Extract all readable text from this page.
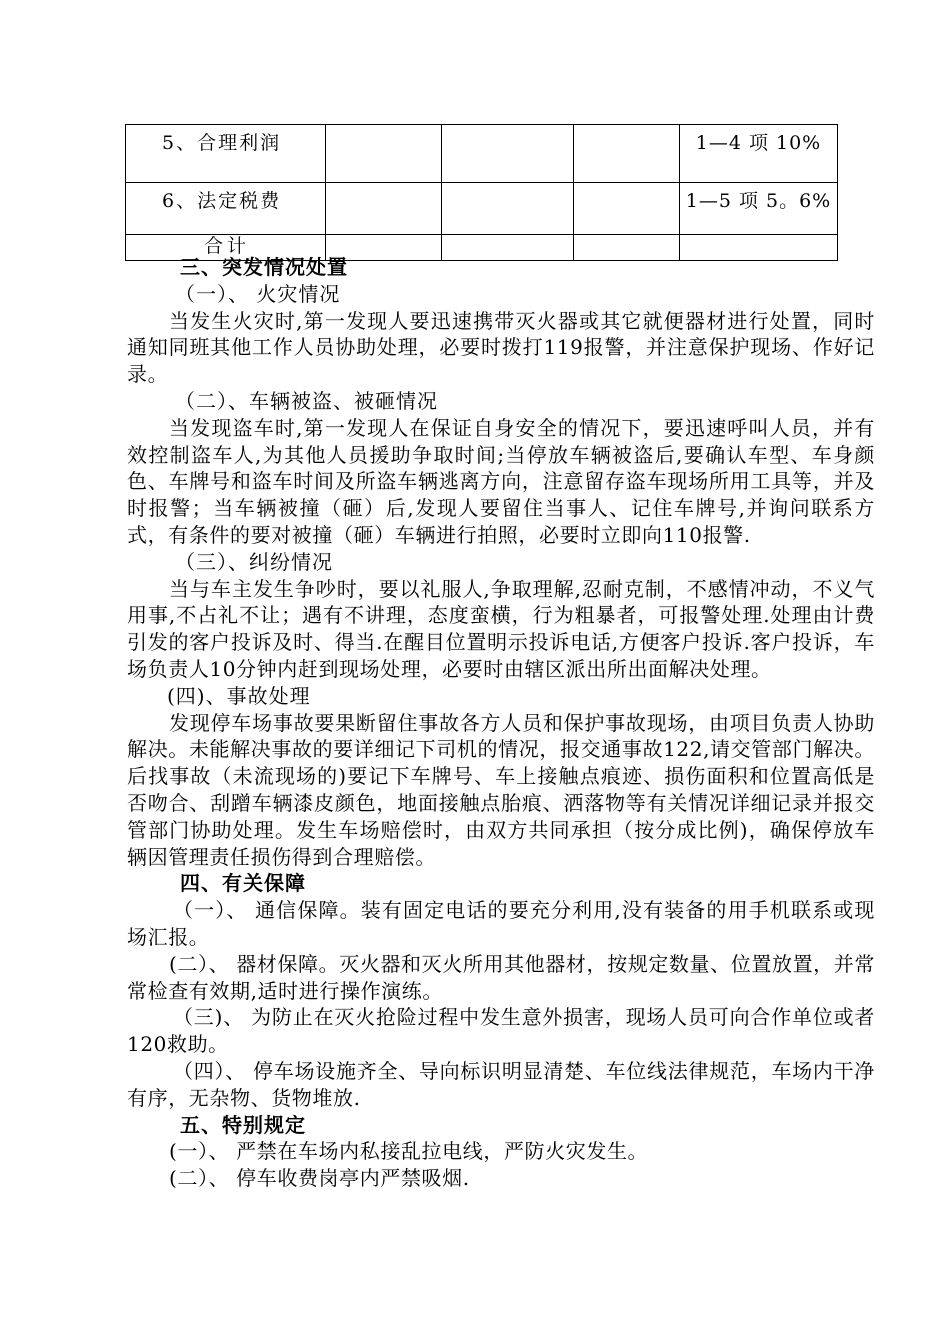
5、合理利润				1—4 项 10%
6、法定税费				1—5 项 5。6%
合计				

三、突发情况处置

（一）、 火灾情况

当发生火灾时,第一发现人要迅速携带灭火器或其它就便器材进行处置，同时通知同班其他工作人员协助处理，必要时拨打119报警，并注意保护现场、作好记录。

（二）、车辆被盗、被砸情况

当发现盗车时,第一发现人在保证自身安全的情况下，要迅速呼叫人员，并有效控制盗车人,为其他人员援助争取时间;当停放车辆被盗后,要确认车型、车身颜色、车牌号和盗车时间及所盗车辆逃离方向，注意留存盗车现场所用工具等，并及时报警；当车辆被撞（砸）后,发现人要留住当事人、记住车牌号,并询问联系方式，有条件的要对被撞（砸）车辆进行拍照，必要时立即向110报警.

（三）、纠纷情况

当与车主发生争吵时，要以礼服人,争取理解,忍耐克制，不感情冲动，不义气用事,不占礼不让；遇有不讲理，态度蛮横，行为粗暴者，可报警处理.处理由计费引发的客户投诉及时、得当.在醒目位置明示投诉电话,方便客户投诉.客户投诉，车场负责人10分钟内赶到现场处理，必要时由辖区派出所出面解决处理。

(四)、事故处理

发现停车场事故要果断留住事故各方人员和保护事故现场，由项目负责人协助解决。未能解决事故的要详细记下司机的情况，报交通事故122,请交管部门解决。后找事故（未流现场的)要记下车牌号、车上接触点痕迹、损伤面积和位置高低是否吻合、刮蹭车辆漆皮颜色，地面接触点胎痕、洒落物等有关情况详细记录并报交管部门协助处理。发生车场赔偿时，由双方共同承担（按分成比例)，确保停放车辆因管理责任损伤得到合理赔偿。

四、有关保障

（一）、 通信保障。装有固定电话的要充分利用,没有装备的用手机联系或现场汇报。

(二）、 器材保障。灭火器和灭火所用其他器材，按规定数量、位置放置，并常常检查有效期,适时进行操作演练。

（三)、 为防止在灭火抢险过程中发生意外损害，现场人员可向合作单位或者120救助。

（四）、 停车场设施齐全、导向标识明显清楚、车位线法律规范，车场内干净有序，无杂物、货物堆放.

五、特别规定

(一）、 严禁在车场内私接乱拉电线，严防火灾发生。

(二）、 停车收费岗亭内严禁吸烟.
